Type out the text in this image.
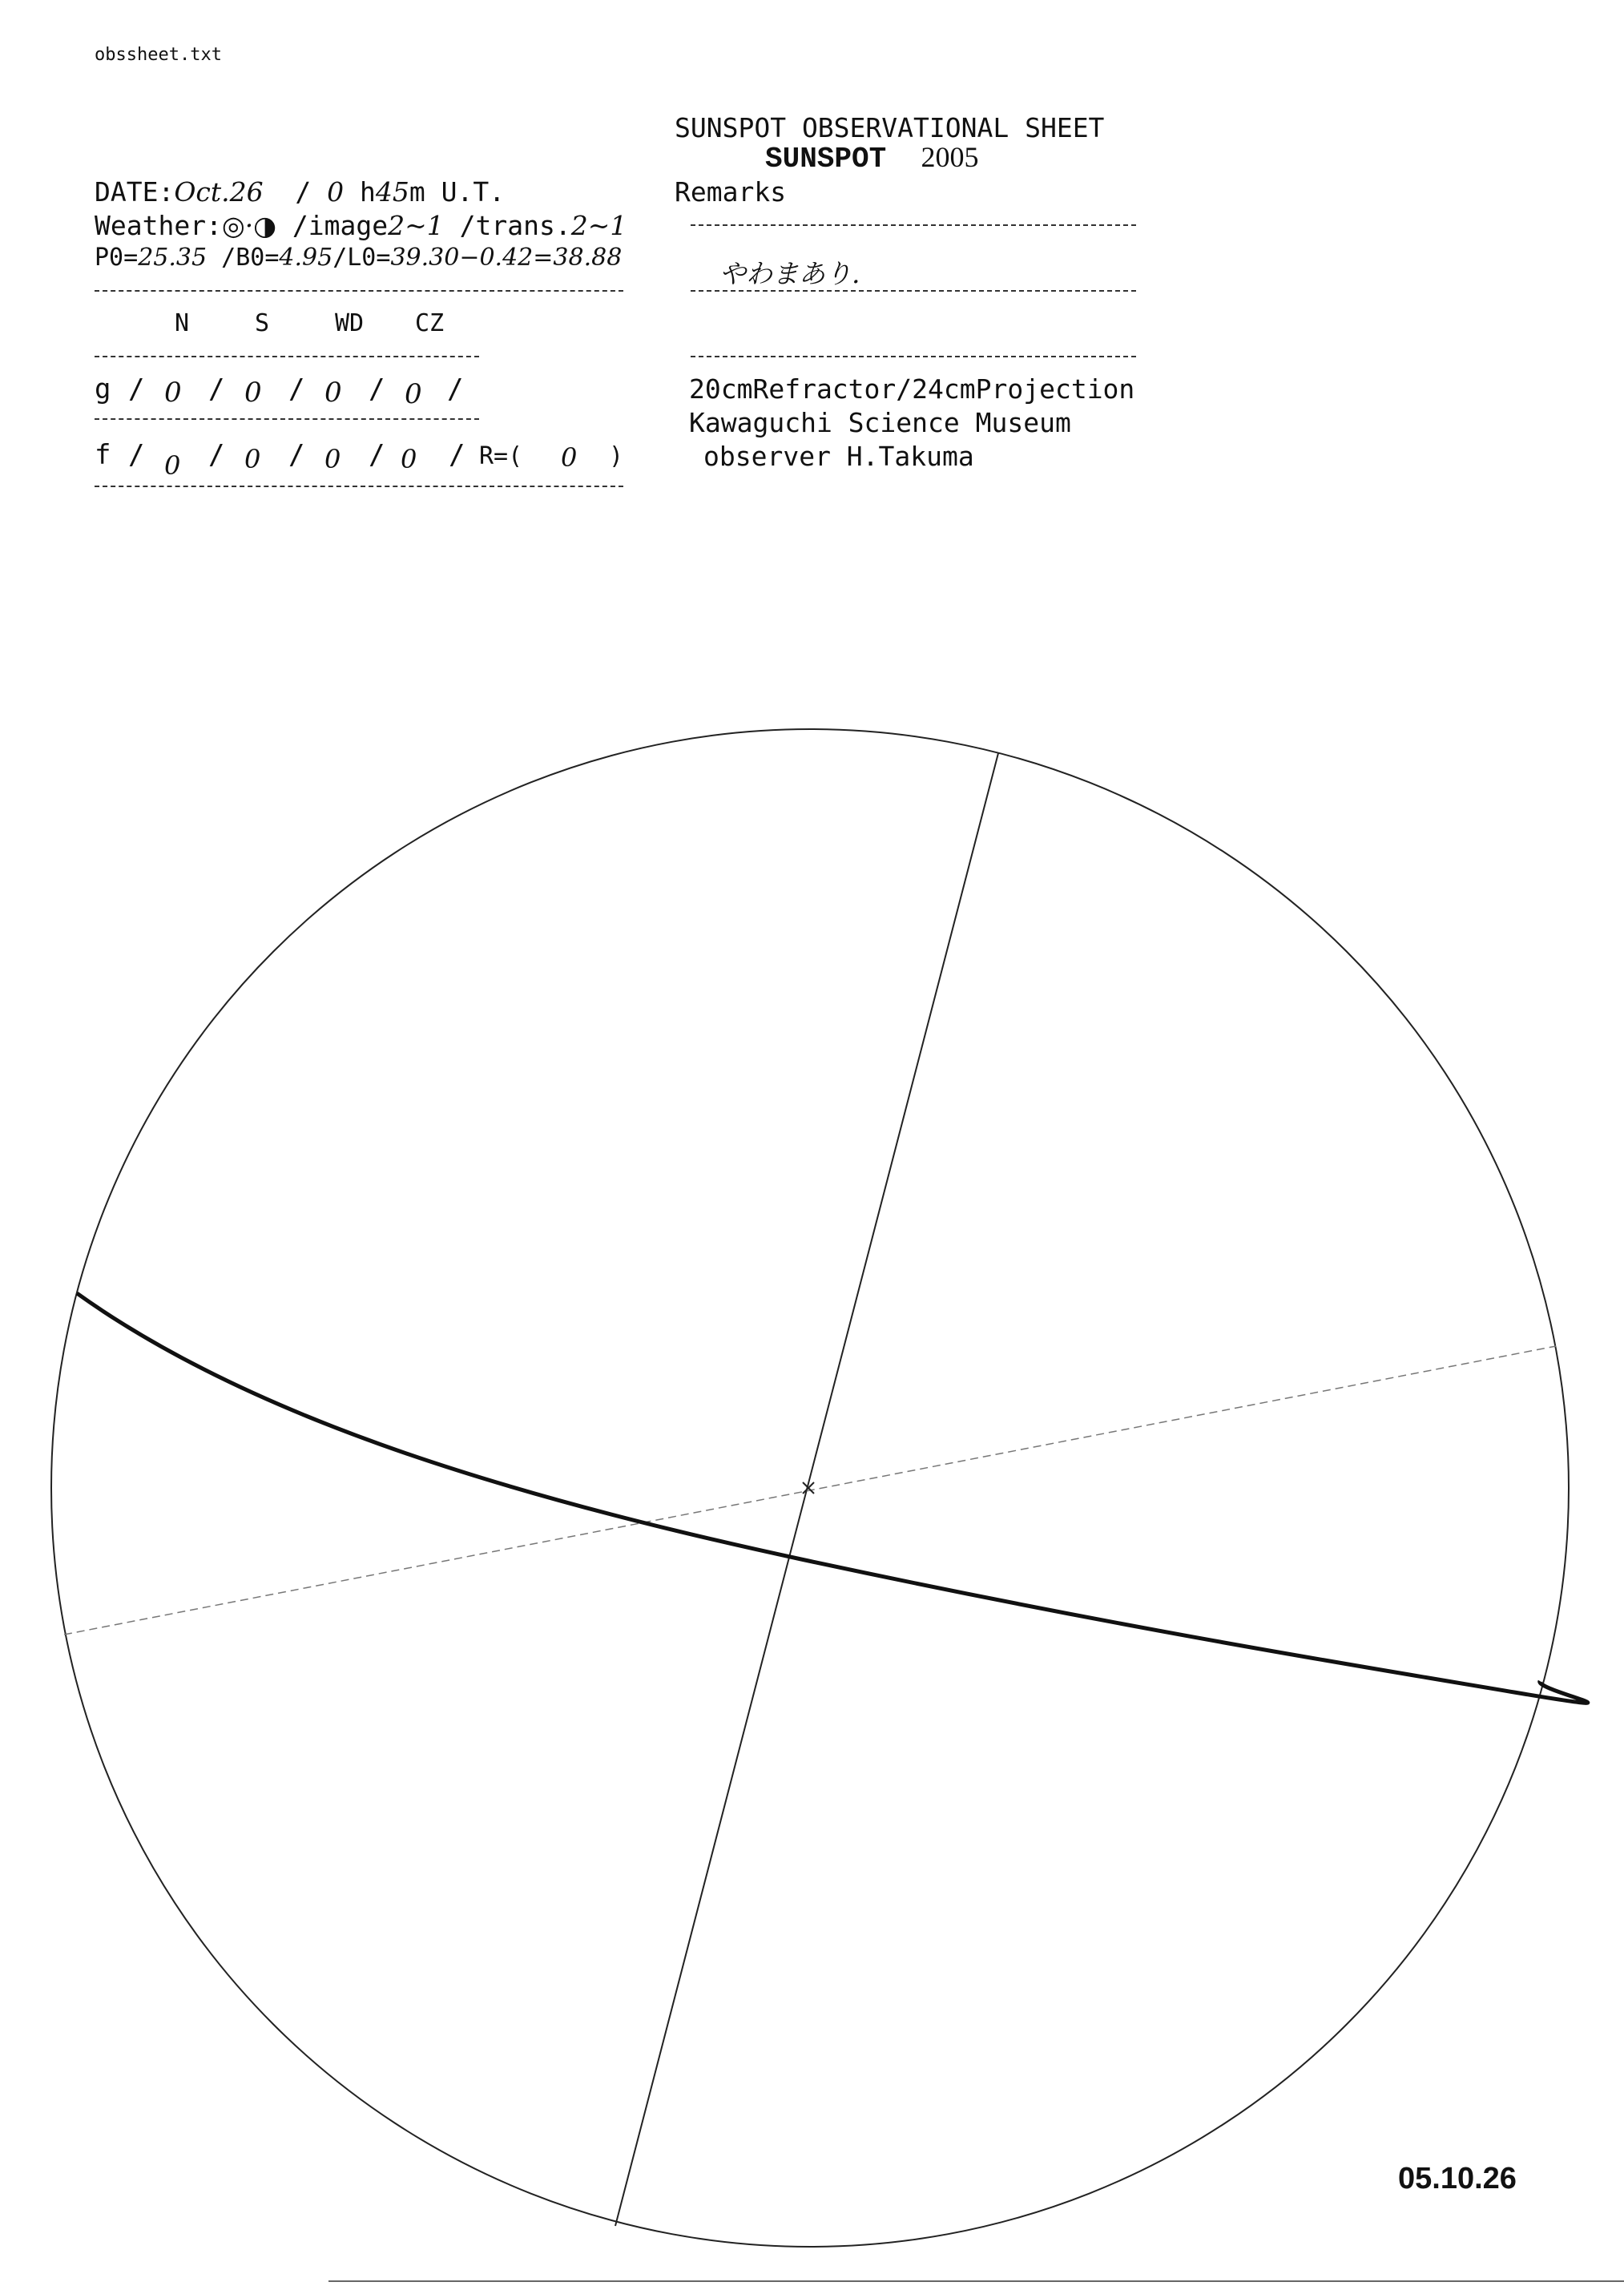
obssheet.txt
SUNSPOT OBSERVATIONAL SHEET
SUNSPOT 2005
DATE:Oct.26 / 0 h45m U.T.
Weather:◎·◑ /image2~1 /trans.2~1
P0=25.35 /B0=4.95/L0=39.30−0.42=38.88
N	S	WD CZ
g / 0 / 0 / 0 / 0 /
f / 0 / 0 / 0 / 0 / R=( 0 )
Remarks
やわまあり.
20cmRefractor/24cmProjection
Kawaguchi Science Museum
observer H.Takuma
05.10.26
